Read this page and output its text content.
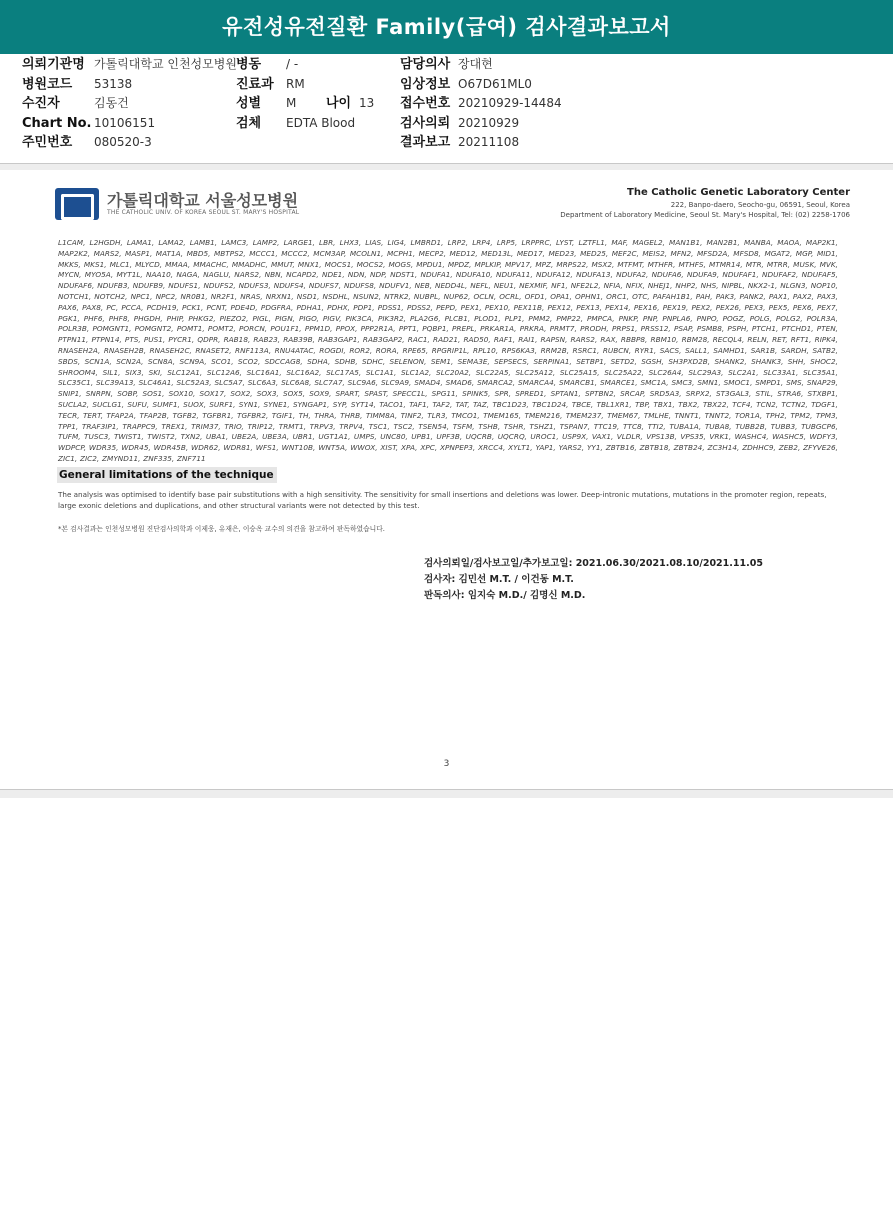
유전성유전질환 Family(급여) 검사결과보고서
의뢰기관명 가톨릭대학교 인천성모병원
병원코드 53138
수진자	김동건
Chart No. 10106151
주민번호 080520-3
병동 / -
진료과 RM
성별 M 나이 13
검체 EDTA Blood
담당의사 장대현
임상정보 O67D61ML0
접수번호 20210929-14484
검사의뢰 20210929
결과보고 20211108
가톨릭대학교 서울성모병원
THE CATHOLIC UNIV. OF KOREA SEOUL ST. MARY'S HOSPITAL
The Catholic Genetic Laboratory Center
222, Banpo-daero, Seocho-gu, 06591, Seoul, Korea
Department of Laboratory Medicine, Seoul St. Mary's Hospital, Tel: (02) 2258-1706
L1CAM, L2HGDH, LAMA1, LAMA2, LAMB1, LAMC3, LAMP2, LARGE1, LBR, LHX3, LIAS, LIG4, LMBRD1, LRP2, LRP4, LRP5, LRPPRC, LYST, LZTFL1, MAF, MAGEL2, MAN1B1, MAN2B1, MANBA, MAOA, MAP2K1, MAP2K2, MARS2, MASP1, MAT1A, MBD5, MBTPS2, MCCC1, MCCC2, MCM3AP, MCOLN1, MCPH1, MECP2, MED12, MED13L, MED17, MED23, MED25, MEF2C, MEIS2, MFN2, MFSD2A, MFSD8, MGAT2, MGP, MID1, MKKS, MKS1, MLC1, MLYCD, MMAA, MMACHC, MMADHC, MMUT, MNX1, MOCS1, MOCS2, MOGS, MPDU1, MPDZ, MPLKIP, MPV17, MPZ, MRPS22, MSX2, MTFMT, MTHFR, MTHFS, MTMR14, MTR, MTRR, MUSK, MVK, MYCN, MYO5A, MYT1L, NAA10, NAGA, NAGLU, NARS2, NBN, NCAPD2, NDE1, NDN, NDP, NDST1, NDUFA1, NDUFA10, NDUFA11, NDUFA12, NDUFA13, NDUFA2, NDUFA6, NDUFA9, NDUFAF1, NDUFAF2, NDUFAF5, NDUFAF6, NDUFB3, NDUFB9, NDUFS1, NDUFS2, NDUFS3, NDUFS4, NDUFS7, NDUFS8, NDUFV1, NEB, NEDD4L, NEFL, NEU1, NEXMIF, NF1, NFE2L2, NFIA, NFIX, NHEJ1, NHP2, NHS, NIPBL, NKX2-1, NLGN3, NOP10, NOTCH1, NOTCH2, NPC1, NPC2, NR0B1, NR2F1, NRAS, NRXN1, NSD1, NSDHL, NSUN2, NTRK2, NUBPL, NUP62, OCLN, OCRL, OFD1, OPA1, OPHN1, ORC1, OTC, PAFAH1B1, PAH, PAK3, PANK2, PAX1, PAX2, PAX3, PAX6, PAX8, PC, PCCA, PCDH19, PCK1, PCNT, PDE4D, PDGFRA, PDHA1, PDHX, PDP1, PDSS1, PDSS2, PEPD, PEX1, PEX10, PEX11B, PEX12, PEX13, PEX14, PEX16, PEX19, PEX2, PEX26, PEX3, PEX5, PEX6, PEX7, PGK1, PHF6, PHF8, PHGDH, PHIP, PHKG2, PIEZO2, PIGL, PIGN, PIGO, PIGV, PIK3CA, PIK3R2, PLA2G6, PLCB1, PLOD1, PLP1, PMM2, PMP22, PMPCA, PNKP, PNP, PNPLA6, PNPO, POGZ, POLG, POLG2, POLR3A, POLR3B, POMGNT1, POMGNT2, POMT1, POMT2, PORCN, POU1F1, PPM1D, PPOX, PPP2R1A, PPT1, PQBP1, PREPL, PRKAR1A, PRKRA, PRMT7, PRODH, PRPS1, PRSS12, PSAP, PSMB8, PSPH, PTCH1, PTCHD1, PTEN, PTPN11, PTPN14, PTS, PUS1, PYCR1, QDPR, RAB18, RAB23, RAB39B, RAB3GAP1, RAB3GAP2, RAC1, RAD21, RAD50, RAF1, RAI1, RAPSN, RARS2, RAX, RBBP8, RBM10, RBM28, RECQL4, RELN, RET, RFT1, RIPK4, RNASEH2A, RNASEH2B, RNASEH2C, RNASET2, RNF113A, RNU4ATAC, ROGDI, ROR2, RORA, RPE65, RPGRIP1L, RPL10, RPS6KA3, RRM2B, RSRC1, RUBCN, RYR1, SACS, SALL1, SAMHD1, SAR1B, SARDH, SATB2, SBDS, SCN1A, SCN2A, SCN8A, SCN9A, SCO1, SCO2, SDCCAG8, SDHA, SDHB, SDHC, SELENON, SEM1, SEMA3E, SEPSECS, SERPINA1, SETBP1, SETD2, SGSH, SH3PXD2B, SHANK2, SHANK3, SHH, SHOC2, SHROOM4, SIL1, SIX3, SKI, SLC12A1, SLC12A6, SLC16A1, SLC16A2, SLC17A5, SLC1A1, SLC1A2, SLC20A2, SLC22A5, SLC25A12, SLC25A15, SLC25A22, SLC26A4, SLC29A3, SLC2A1, SLC33A1, SLC35A1, SLC35C1, SLC39A13, SLC46A1, SLC52A3, SLC5A7, SLC6A3, SLC6A8, SLC7A7, SLC9A6, SLC9A9, SMAD4, SMAD6, SMARCA2, SMARCA4, SMARCB1, SMARCE1, SMC1A, SMC3, SMN1, SMOC1, SMPD1, SMS, SNAP29, SNIP1, SNRPN, SOBP, SOS1, SOX10, SOX17, SOX2, SOX3, SOX5, SOX9, SPART, SPAST, SPECC1L, SPG11, SPINK5, SPR, SPRED1, SPTAN1, SPTBN2, SRCAP, SRD5A3, SRPX2, ST3GAL3, STIL, STRA6, STXBP1, SUCLA2, SUCLG1, SUFU, SUMF1, SUOX, SURF1, SYN1, SYNE1, SYNGAP1, SYP, SYT14, TACO1, TAF1, TAF2, TAT, TAZ, TBC1D23, TBC1D24, TBCE, TBL1XR1, TBP, TBX1, TBX2, TBX22, TCF4, TCN2, TCTN2, TDGF1, TECR, TERT, TFAP2A, TFAP2B, TGFB2, TGFBR1, TGFBR2, TGIF1, TH, THRA, THRB, TIMM8A, TINF2, TLR3, TMCO1, TMEM165, TMEM216, TMEM237, TMEM67, TMLHE, TNNT1, TNNT2, TOR1A, TPH2, TPM2, TPM3, TPP1, TRAF3IP1, TRAPPC9, TREX1, TRIM37, TRIO, TRIP12, TRMT1, TRPV3, TRPV4, TSC1, TSC2, TSEN54, TSFM, TSHB, TSHR, TSHZ1, TSPAN7, TTC19, TTC8, TTI2, TUBA1A, TUBA8, TUBB2B, TUBB3, TUBGCP6, TUFM, TUSC3, TWIST1, TWIST2, TXN2, UBA1, UBE2A, UBE3A, UBR1, UGT1A1, UMPS, UNC80, UPB1, UPF3B, UQCRB, UQCRQ, UROC1, USP9X, VAX1, VLDLR, VPS13B, VPS35, VRK1, WASHC4, WASHC5, WDFY3, WDPCP, WDR35, WDR45, WDR45B, WDR62, WDR81, WFS1, WNT10B, WNT5A, WWOX, XIST, XPA, XPC, XPNPEP3, XRCC4, XYLT1, YAP1, YARS2, YY1, ZBTB16, ZBTB18, ZBTB24, ZC3H14, ZDHHC9, ZEB2, ZFYVE26, ZIC1, ZIC2, ZMYND11, ZNF335, ZNF711
General limitations of the technique
The analysis was optimised to identify base pair substitutions with a high sensitivity. The sensitivity for small insertions and deletions was lower. Deep-intronic mutations, mutations in the promoter region, repeats, large exonic deletions and duplications, and other structural variants were not detected by this test.
*본 검사결과는 인천성모병원 진단검사의학과 이제웅, 유재은, 이승옥 교수의 의견을 참고하여 판독하였습니다.
검사의뢰일/검사보고일/추가보고일: 2021.06.30/2021.08.10/2021.11.05
검사자: 김민선 M.T. / 이건동 M.T.
판독의사: 임지숙 M.D./ 김명신 M.D.
3
